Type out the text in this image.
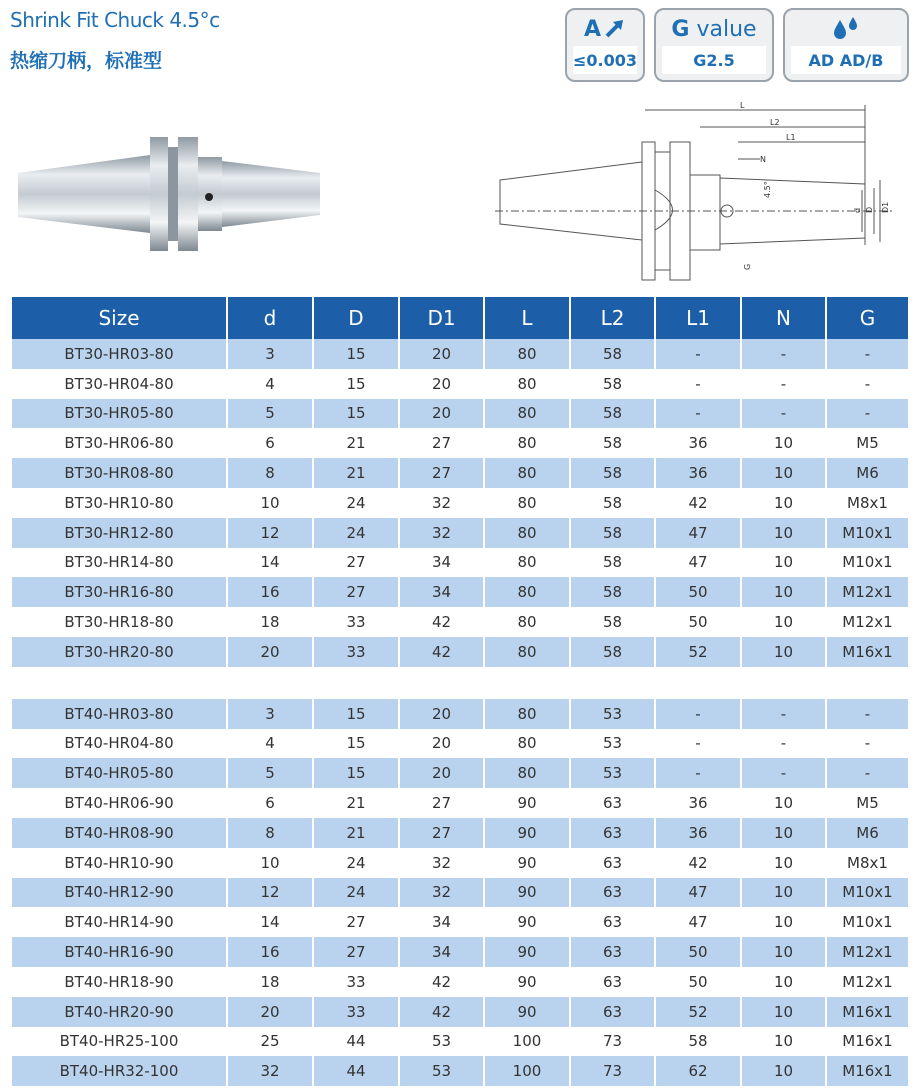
Shrink Fit Chuck 4.5°c
热缩刀柄，标准型
A
≤0.003
G
value
G2.5	AD AD/B
L
L2
L1
N
4.5°
d D D1
G
Size	d	D	D1	L	L2	L1	N	G
BT30-HR03-80	3	15	20	80	58	-	-	-
BT30-HR04-80	4	15	20	80	58	-	-	-
BT30-HR05-80	5	15	20	80	58	-	-	-
BT30-HR06-80	6	21	27	80	58	36	10	M5
BT30-HR08-80	8	21	27	80	58	36	10	M6
BT30-HR10-80	10	24	32	80	58	42	10	M8x1
BT30-HR12-80	12	24	32	80	58	47	10	M10x1
BT30-HR14-80	14	27	34	80	58	47	10	M10x1
BT30-HR16-80	16	27	34	80	58	50	10	M12x1
BT30-HR18-80	18	33	42	80	58	50	10	M12x1
BT30-HR20-80	20	33	42	80	58	52	10	M16x1

BT40-HR03-80	3	15	20	80	53	-	-	-
BT40-HR04-80	4	15	20	80	53	-	-	-
BT40-HR05-80	5	15	20	80	53	-	-	-
BT40-HR06-90	6	21	27	90	63	36	10	M5
BT40-HR08-90	8	21	27	90	63	36	10	M6
BT40-HR10-90	10	24	32	90	63	42	10	M8x1
BT40-HR12-90	12	24	32	90	63	47	10	M10x1
BT40-HR14-90	14	27	34	90	63	47	10	M10x1
BT40-HR16-90	16	27	34	90	63	50	10	M12x1
BT40-HR18-90	18	33	42	90	63	50	10	M12x1
BT40-HR20-90	20	33	42	90	63	52	10	M16x1
BT40-HR25-100	25	44	53	100	73	58	10	M16x1
BT40-HR32-100	32	44	53	100	73	62	10	M16x1
